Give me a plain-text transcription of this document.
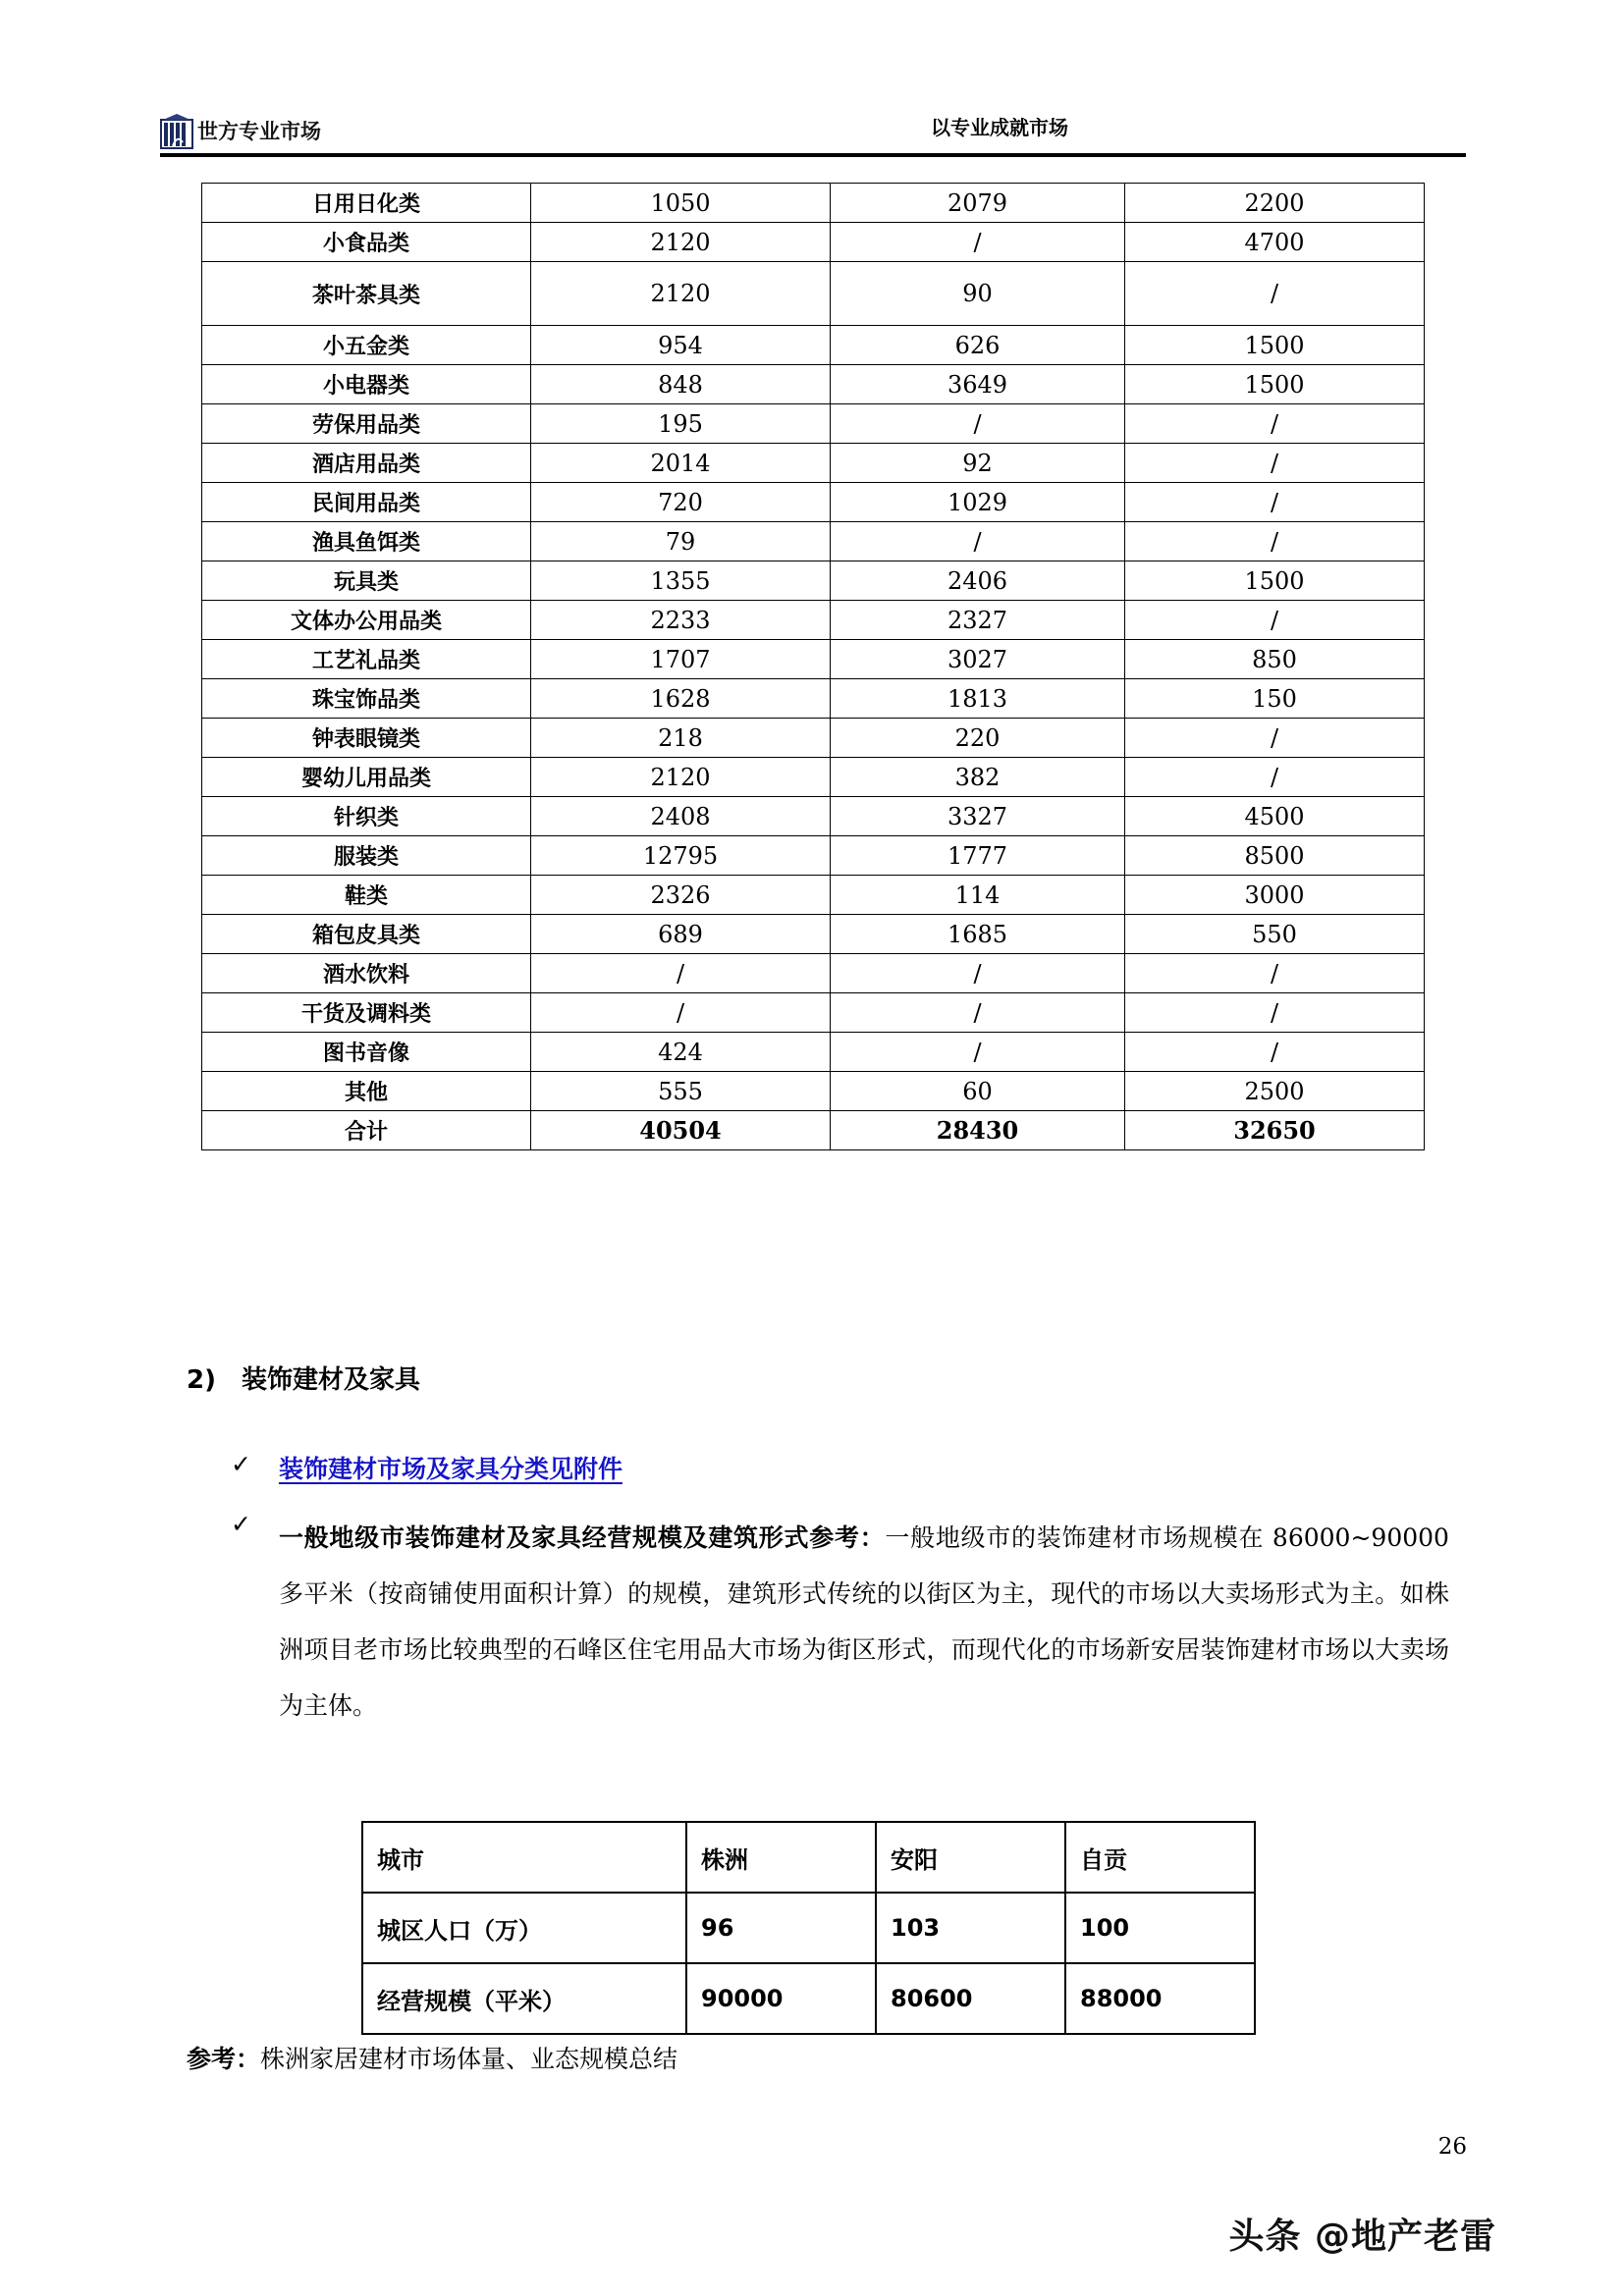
世方专业市场	以专业成就市场
日用日化类	1050	2079	2200
小食品类	2120	/	4700
茶叶茶具类	2120	90	/
小五金类	954	626	1500
小电器类	848	3649	1500
劳保用品类	195	/	/
酒店用品类	2014	92	/
民间用品类	720	1029	/
渔具鱼饵类	79	/	/
玩具类	1355	2406	1500
文体办公用品类	2233	2327	/
工艺礼品类	1707	3027	850
珠宝饰品类	1628	1813	150
钟表眼镜类	218	220	/
婴幼儿用品类	2120	382	/
针织类	2408	3327	4500
服装类	12795	1777	8500
鞋类	2326	114	3000
箱包皮具类	689	1685	550
酒水饮料	/	/	/
干货及调料类	/	/	/
图书音像	424	/	/
其他	555	60	2500
合计	40504	28430	32650
2) 装饰建材及家具
✓ 装饰建材市场及家具分类见附件
✓ 一般地级市装饰建材及家具经营规模及建筑形式参考：一般地级市的装饰建材市场规模在 86000~90000 多平米（按商铺使用面积计算）的规模，建筑形式传统的以街区为主，现代的市场以大卖场形式为主。如株洲项目老市场比较典型的石峰区住宅用品大市场为街区形式，而现代化的市场新安居装饰建材市场以大卖场为主体。
城市	株洲	安阳	自贡
城区人口（万）	96	103	100
经营规模（平米）	90000	80600	88000
参考：株洲家居建材市场体量、业态规模总结
26
头条 @地产老雷
